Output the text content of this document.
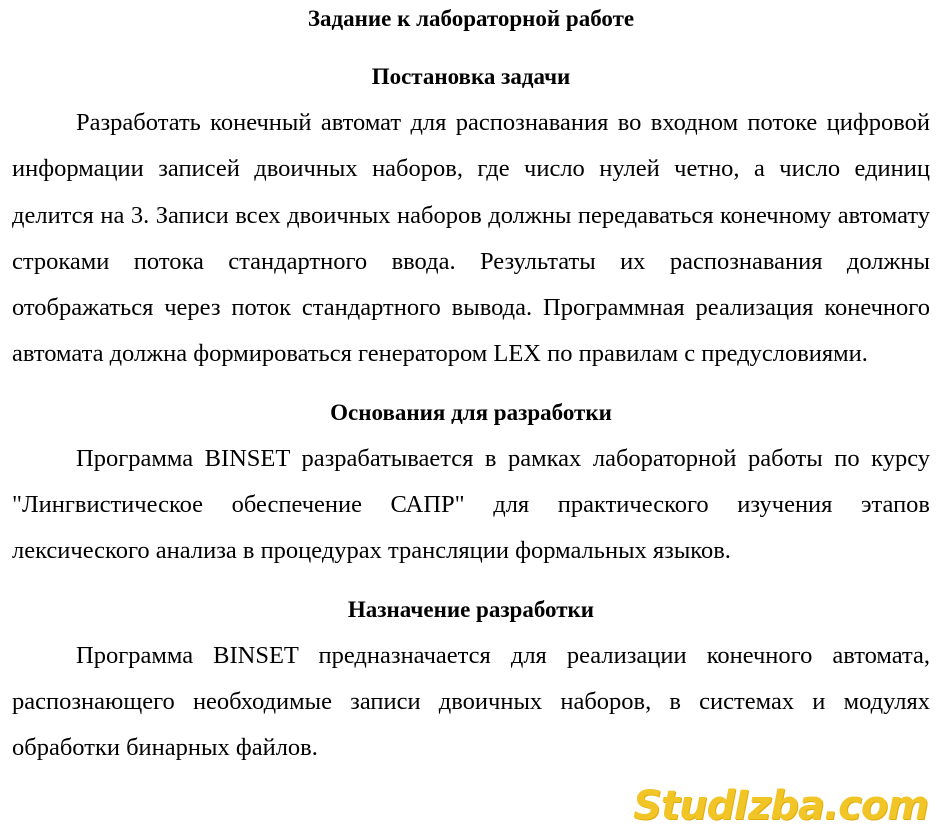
Задание к лабораторной работе
Постановка задачи

Разработать конечный автомат для распознавания во входном потоке цифровой информации записей двоичных наборов, где число нулей четно, а число единиц делится на 3. Записи всех двоичных наборов должны передаваться конечному автомату строками потока стандартного ввода. Результаты их распознавания должны отображаться через поток стандартного вывода. Программная реализация конечного автомата должна формироваться генератором LEX по правилам с предусловиями.

Основания для разработки

Программа BINSET разрабатывается в рамках лабораторной работы по курсу "Лингвистическое обеспечение САПР" для практического изучения этапов лексического анализа в процедурах трансляции формальных языков.

Назначение разработки

Программа BINSET предназначается для реализации конечного автомата, распознающего необходимые записи двоичных наборов, в системах и модулях обработки бинарных файлов.

StudIzba.com
